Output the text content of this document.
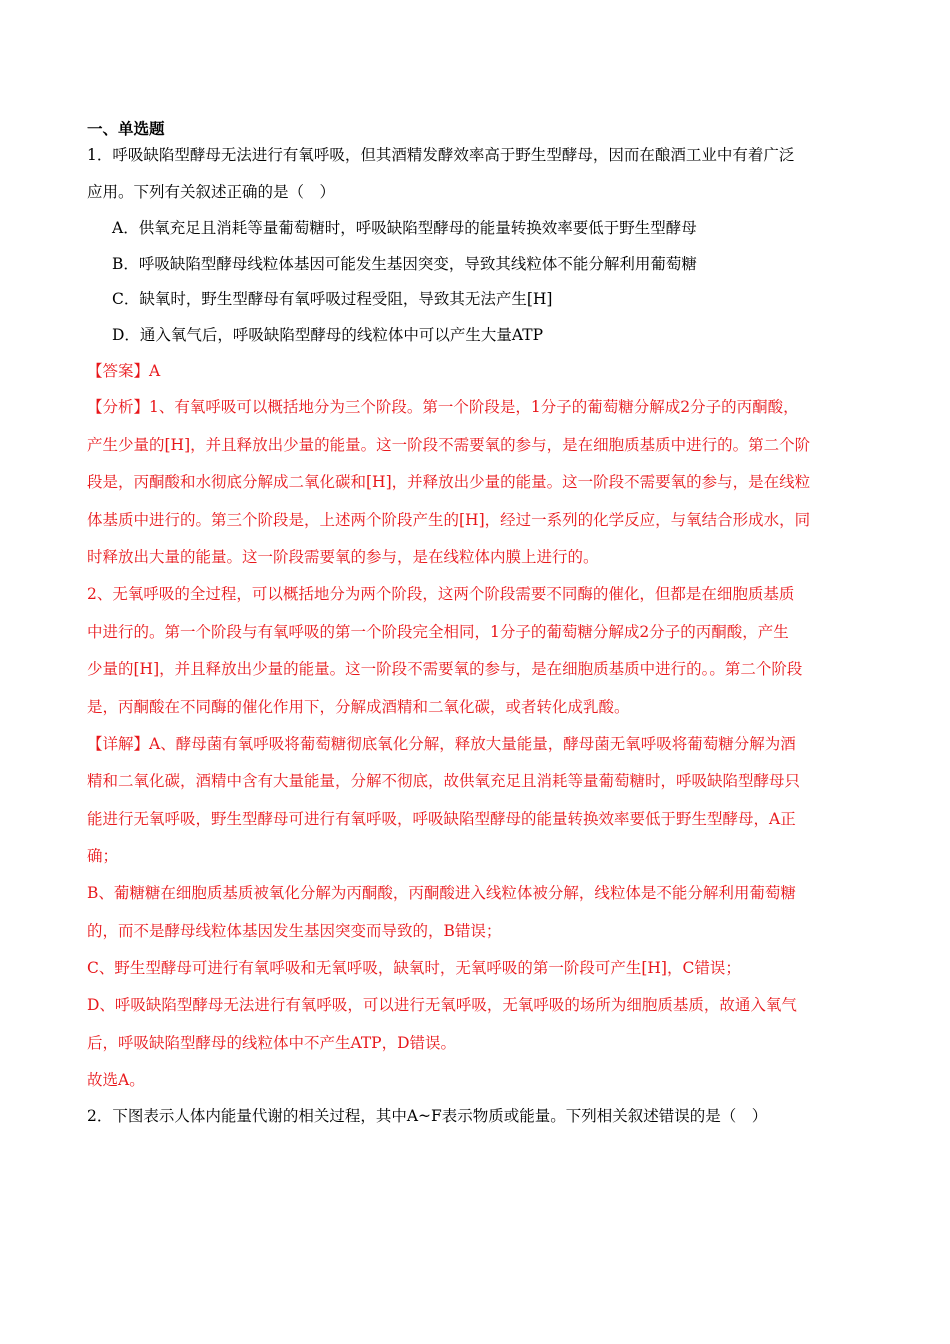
一、单选题
1．呼吸缺陷型酵母无法进行有氧呼吸，但其酒精发酵效率高于野生型酵母，因而在酿酒工业中有着广泛
应用。下列有关叙述正确的是（　）
A．供氧充足且消耗等量葡萄糖时，呼吸缺陷型酵母的能量转换效率要低于野生型酵母
B．呼吸缺陷型酵母线粒体基因可能发生基因突变，导致其线粒体不能分解利用葡萄糖
C．缺氧时，野生型酵母有氧呼吸过程受阻，导致其无法产生[H]
D．通入氧气后，呼吸缺陷型酵母的线粒体中可以产生大量ATP
【答案】A
【分析】1、有氧呼吸可以概括地分为三个阶段。第一个阶段是，1分子的葡萄糖分解成2分子的丙酮酸，
产生少量的[H]，并且释放出少量的能量。这一阶段不需要氧的参与，是在细胞质基质中进行的。第二个阶
段是，丙酮酸和水彻底分解成二氧化碳和[H]，并释放出少量的能量。这一阶段不需要氧的参与，是在线粒
体基质中进行的。第三个阶段是，上述两个阶段产生的[H]，经过一系列的化学反应，与氧结合形成水，同
时释放出大量的能量。这一阶段需要氧的参与，是在线粒体内膜上进行的。
2、无氧呼吸的全过程，可以概括地分为两个阶段，这两个阶段需要不同酶的催化，但都是在细胞质基质
中进行的。第一个阶段与有氧呼吸的第一个阶段完全相同，1分子的葡萄糖分解成2分子的丙酮酸，产生
少量的[H]，并且释放出少量的能量。这一阶段不需要氧的参与，是在细胞质基质中进行的。。第二个阶段
是，丙酮酸在不同酶的催化作用下，分解成酒精和二氧化碳，或者转化成乳酸。
【详解】A、酵母菌有氧呼吸将葡萄糖彻底氧化分解，释放大量能量，酵母菌无氧呼吸将葡萄糖分解为酒
精和二氧化碳，酒精中含有大量能量，分解不彻底，故供氧充足且消耗等量葡萄糖时，呼吸缺陷型酵母只
能进行无氧呼吸，野生型酵母可进行有氧呼吸，呼吸缺陷型酵母的能量转换效率要低于野生型酵母，A正
确；
B、葡糖糖在细胞质基质被氧化分解为丙酮酸，丙酮酸进入线粒体被分解，线粒体是不能分解利用葡萄糖
的，而不是酵母线粒体基因发生基因突变而导致的，B错误；
C、野生型酵母可进行有氧呼吸和无氧呼吸，缺氧时，无氧呼吸的第一阶段可产生[H]，C错误；
D、呼吸缺陷型酵母无法进行有氧呼吸，可以进行无氧呼吸，无氧呼吸的场所为细胞质基质，故通入氧气
后，呼吸缺陷型酵母的线粒体中不产生ATP，D错误。
故选A。
2．下图表示人体内能量代谢的相关过程，其中A~F表示物质或能量。下列相关叙述错误的是（　）
